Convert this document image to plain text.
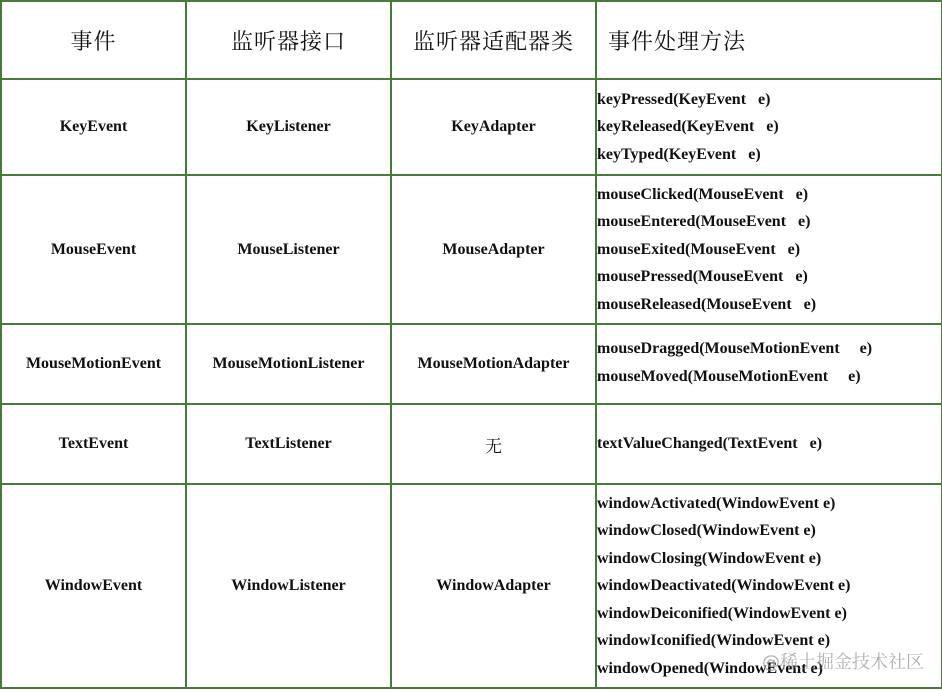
事件	监听器接口	监听器适配器类	事件处理方法
KeyEvent	KeyListener	KeyAdapter	keyPressed(KeyEvent   e)
keyReleased(KeyEvent   e)
keyTyped(KeyEvent   e)

MouseEvent	MouseListener	MouseAdapter	mouseClicked(MouseEvent   e)
mouseEntered(MouseEvent   e)
mouseExited(MouseEvent   e)
mousePressed(MouseEvent   e)
mouseReleased(MouseEvent   e)

MouseMotionEvent	MouseMotionListener	MouseMotionAdapter	mouseDragged(MouseMotionEvent     e)
mouseMoved(MouseMotionEvent     e)

TextEvent	TextListener	无	textValueChanged(TextEvent   e)

WindowEvent	WindowListener	WindowAdapter	
windowActivated(WindowEvent e)
windowClosed(WindowEvent e)
windowClosing(WindowEvent e)
windowDeactivated(WindowEvent e)
windowDeiconified(WindowEvent e)
windowIconified(WindowEvent e)
windowOpened(WindowEvent e)
@稀土掘金技术社区
